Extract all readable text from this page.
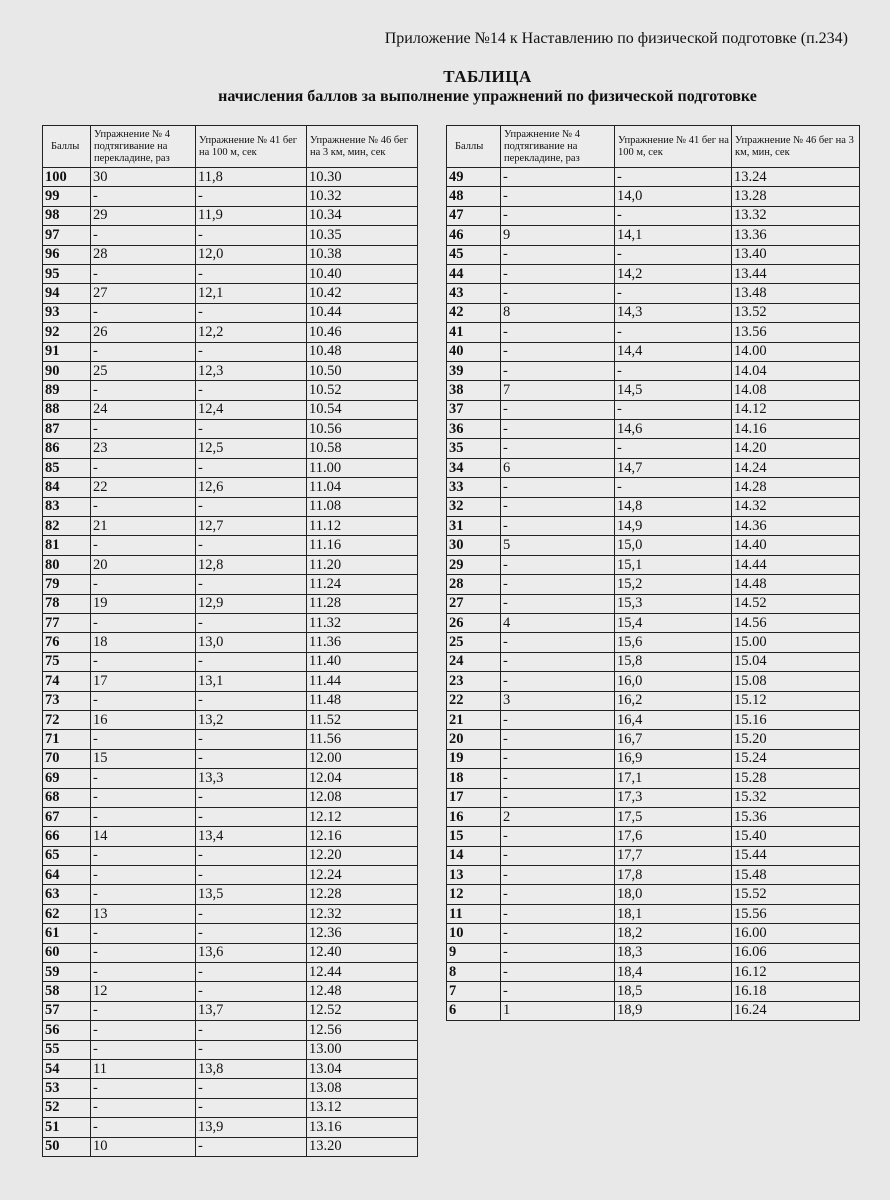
Приложение №14 к Наставлению по физической подготовке (п.234)
ТАБЛИЦА
начисления баллов за выполнение упражнений по физической подготовке
Баллы	Упражнение № 4 подтягивание на перекладине, раз	Упражнение № 41 бег на 100 м, сек	Упражнение № 46 бег на 3 км, мин, сек
100	30	11,8	10.30
99	-	-	10.32
98	29	11,9	10.34
97	-	-	10.35
96	28	12,0	10.38
95	-	-	10.40
94	27	12,1	10.42
93	-	-	10.44
92	26	12,2	10.46
91	-	-	10.48
90	25	12,3	10.50
89	-	-	10.52
88	24	12,4	10.54
87	-	-	10.56
86	23	12,5	10.58
85	-	-	11.00
84	22	12,6	11.04
83	-	-	11.08
82	21	12,7	11.12
81	-	-	11.16
80	20	12,8	11.20
79	-	-	11.24
78	19	12,9	11.28
77	-	-	11.32
76	18	13,0	11.36
75	-	-	11.40
74	17	13,1	11.44
73	-	-	11.48
72	16	13,2	11.52
71	-	-	11.56
70	15	-	12.00
69	-	13,3	12.04
68	-	-	12.08
67	-	-	12.12
66	14	13,4	12.16
65	-	-	12.20
64	-	-	12.24
63	-	13,5	12.28
62	13	-	12.32
61	-	-	12.36
60	-	13,6	12.40
59	-	-	12.44
58	12	-	12.48
57	-	13,7	12.52
56	-	-	12.56
55	-	-	13.00
54	11	13,8	13.04
53	-	-	13.08
52	-	-	13.12
51	-	13,9	13.16
50	10	-	13.20
Баллы	Упражнение № 4 подтягивание на перекладине, раз	Упражнение № 41 бег на 100 м, сек	Упражнение № 46 бег на 3 км, мин, сек
49	-	-	13.24
48	-	14,0	13.28
47	-	-	13.32
46	9	14,1	13.36
45	-	-	13.40
44	-	14,2	13.44
43	-	-	13.48
42	8	14,3	13.52
41	-	-	13.56
40	-	14,4	14.00
39	-	-	14.04
38	7	14,5	14.08
37	-	-	14.12
36	-	14,6	14.16
35	-	-	14.20
34	6	14,7	14.24
33	-	-	14.28
32	-	14,8	14.32
31	-	14,9	14.36
30	5	15,0	14.40
29	-	15,1	14.44
28	-	15,2	14.48
27	-	15,3	14.52
26	4	15,4	14.56
25	-	15,6	15.00
24	-	15,8	15.04
23	-	16,0	15.08
22	3	16,2	15.12
21	-	16,4	15.16
20	-	16,7	15.20
19	-	16,9	15.24
18	-	17,1	15.28
17	-	17,3	15.32
16	2	17,5	15.36
15	-	17,6	15.40
14	-	17,7	15.44
13	-	17,8	15.48
12	-	18,0	15.52
11	-	18,1	15.56
10	-	18,2	16.00
9	-	18,3	16.06
8	-	18,4	16.12
7	-	18,5	16.18
6	1	18,9	16.24
